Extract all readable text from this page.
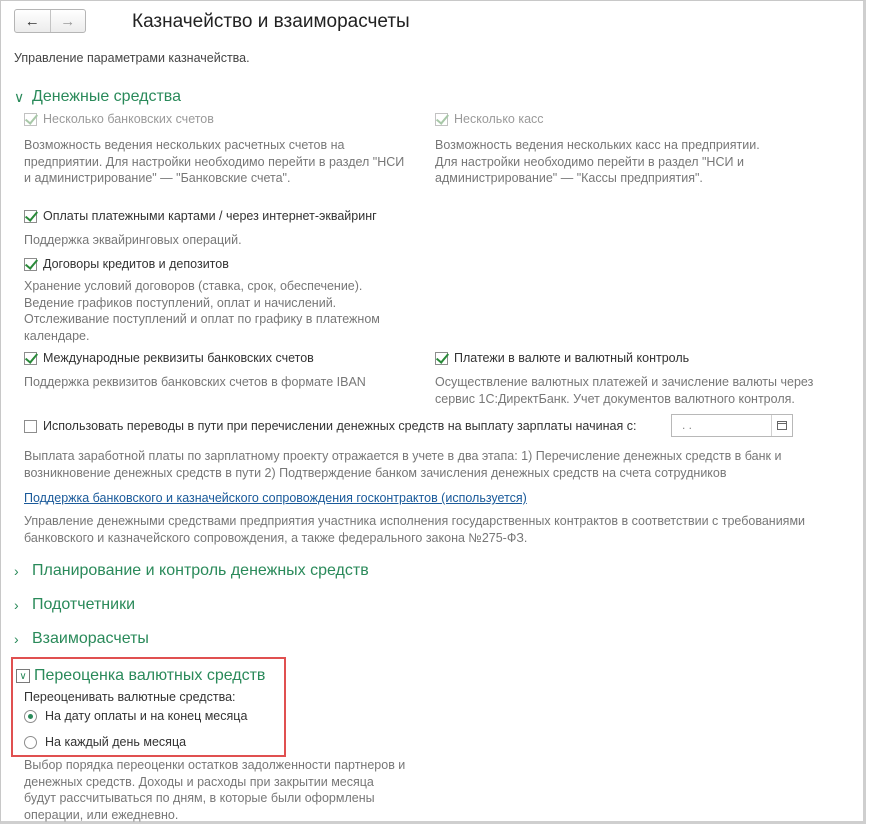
← →	Казначейство и взаиморасчеты
Управление параметрами казначейства.
∨ Денежные средства
Несколько банковских счетов
Возможность ведения нескольких расчетных счетов на
предприятии. Для настройки необходимо перейти в раздел "НСИ
и администрирование" — "Банковские счета".
Несколько касс
Возможность ведения нескольких касс на предприятии.
Для настройки необходимо перейти в раздел "НСИ и
администрирование" — "Кассы предприятия".
Оплаты платежными картами / через интернет-эквайринг
Поддержка эквайринговых операций.
Договоры кредитов и депозитов
Хранение условий договоров (ставка, срок, обеспечение).
Ведение графиков поступлений, оплат и начислений.
Отслеживание поступлений и оплат по графику в платежном
календаре.
Международные реквизиты банковских счетов
Поддержка реквизитов банковских счетов в формате IBAN
Платежи в валюте и валютный контроль
Осуществление валютных платежей и зачисление валюты через
сервис 1С:ДиректБанк. Учет документов валютного контроля.
Использовать переводы в пути при перечислении денежных средств на выплату зарплаты начиная с:	. .
Выплата заработной платы по зарплатному проекту отражается в учете в два этапа: 1) Перечисление денежных средств в банк и
возникновение денежных средств в пути 2) Подтверждение банком зачисления денежных средств на счета сотрудников
Поддержка банковского и казначейского сопровождения госконтрактов (используется)
Управление денежными средствами предприятия участника исполнения государственных контрактов в соответствии с требованиями
банковского и казначейского сопровождения, а также федерального закона №275-ФЗ.
› Планирование и контроль денежных средств
› Подотчетники
› Взаиморасчеты
∨ Переоценка валютных средств
Переоценивать валютные средства:
На дату оплаты и на конец месяца
На каждый день месяца
Выбор порядка переоценки остатков задолженности партнеров и
денежных средств. Доходы и расходы при закрытии месяца
будут рассчитываться по дням, в которые были оформлены
операции, или ежедневно.
